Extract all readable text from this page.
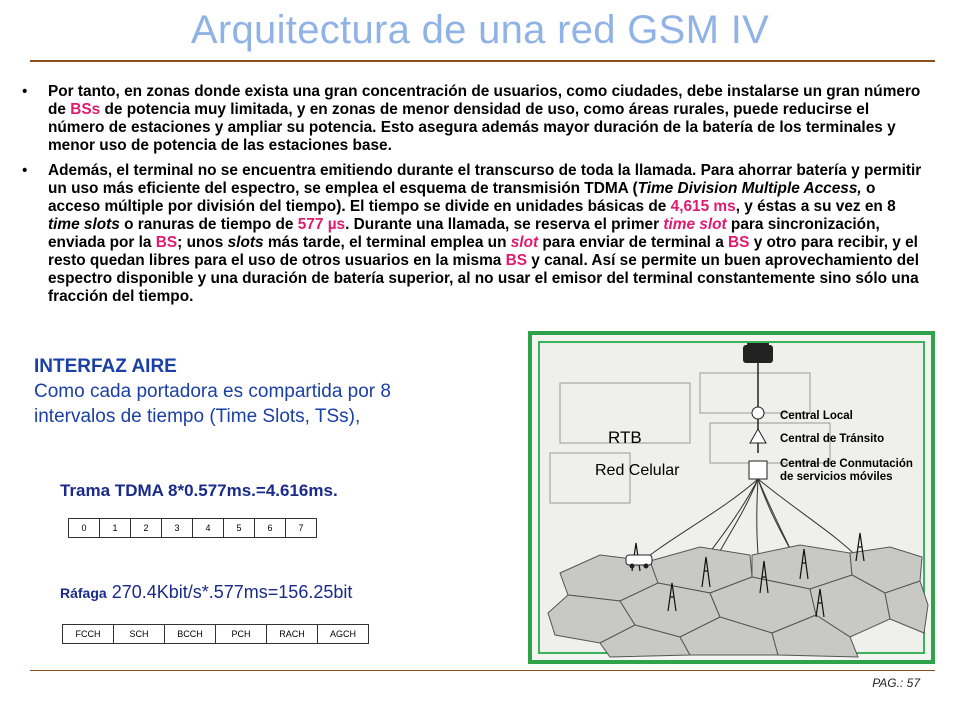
Arquitectura de una red GSM IV
• Por tanto, en zonas donde exista una gran concentración de usuarios, como ciudades, debe instalarse un gran número de BSs de potencia muy limitada, y en zonas de menor densidad de uso, como áreas rurales, puede reducirse el número de estaciones y ampliar su potencia. Esto asegura además mayor duración de la batería de los terminales y menor uso de potencia de las estaciones base.
• Además, el terminal no se encuentra emitiendo durante el transcurso de toda la llamada. Para ahorrar batería y permitir un uso más eficiente del espectro, se emplea el esquema de transmisión TDMA (Time Division Multiple Access, o acceso múltiple por división del tiempo). El tiempo se divide en unidades básicas de 4,615 ms, y éstas a su vez en 8 time slots o ranuras de tiempo de 577 µs. Durante una llamada, se reserva el primer time slot para sincronización, enviada por la BS; unos slots más tarde, el terminal emplea un slot para enviar de terminal a BS y otro para recibir, y el resto quedan libres para el uso de otros usuarios en la misma BS y canal. Así se permite un buen aprovechamiento del espectro disponible y una duración de batería superior, al no usar el emisor del terminal constantemente sino sólo una fracción del tiempo.
INTERFAZ AIRE
Como cada portadora es compartida por 8
intervalos de tiempo (Time Slots, TSs),
Trama TDMA 8*0.577ms.=4.616ms.
0	1	2	3	4	5	6	7
Ráfaga 270.4Kbit/s*.577ms=156.25bit
FCCH	SCH	BCCH	PCH	RACH	AGCH
RTB
Red Celular
Central Local
Central de Tránsito
Central de Conmutación
de servicios móviles
PAG.: 57
